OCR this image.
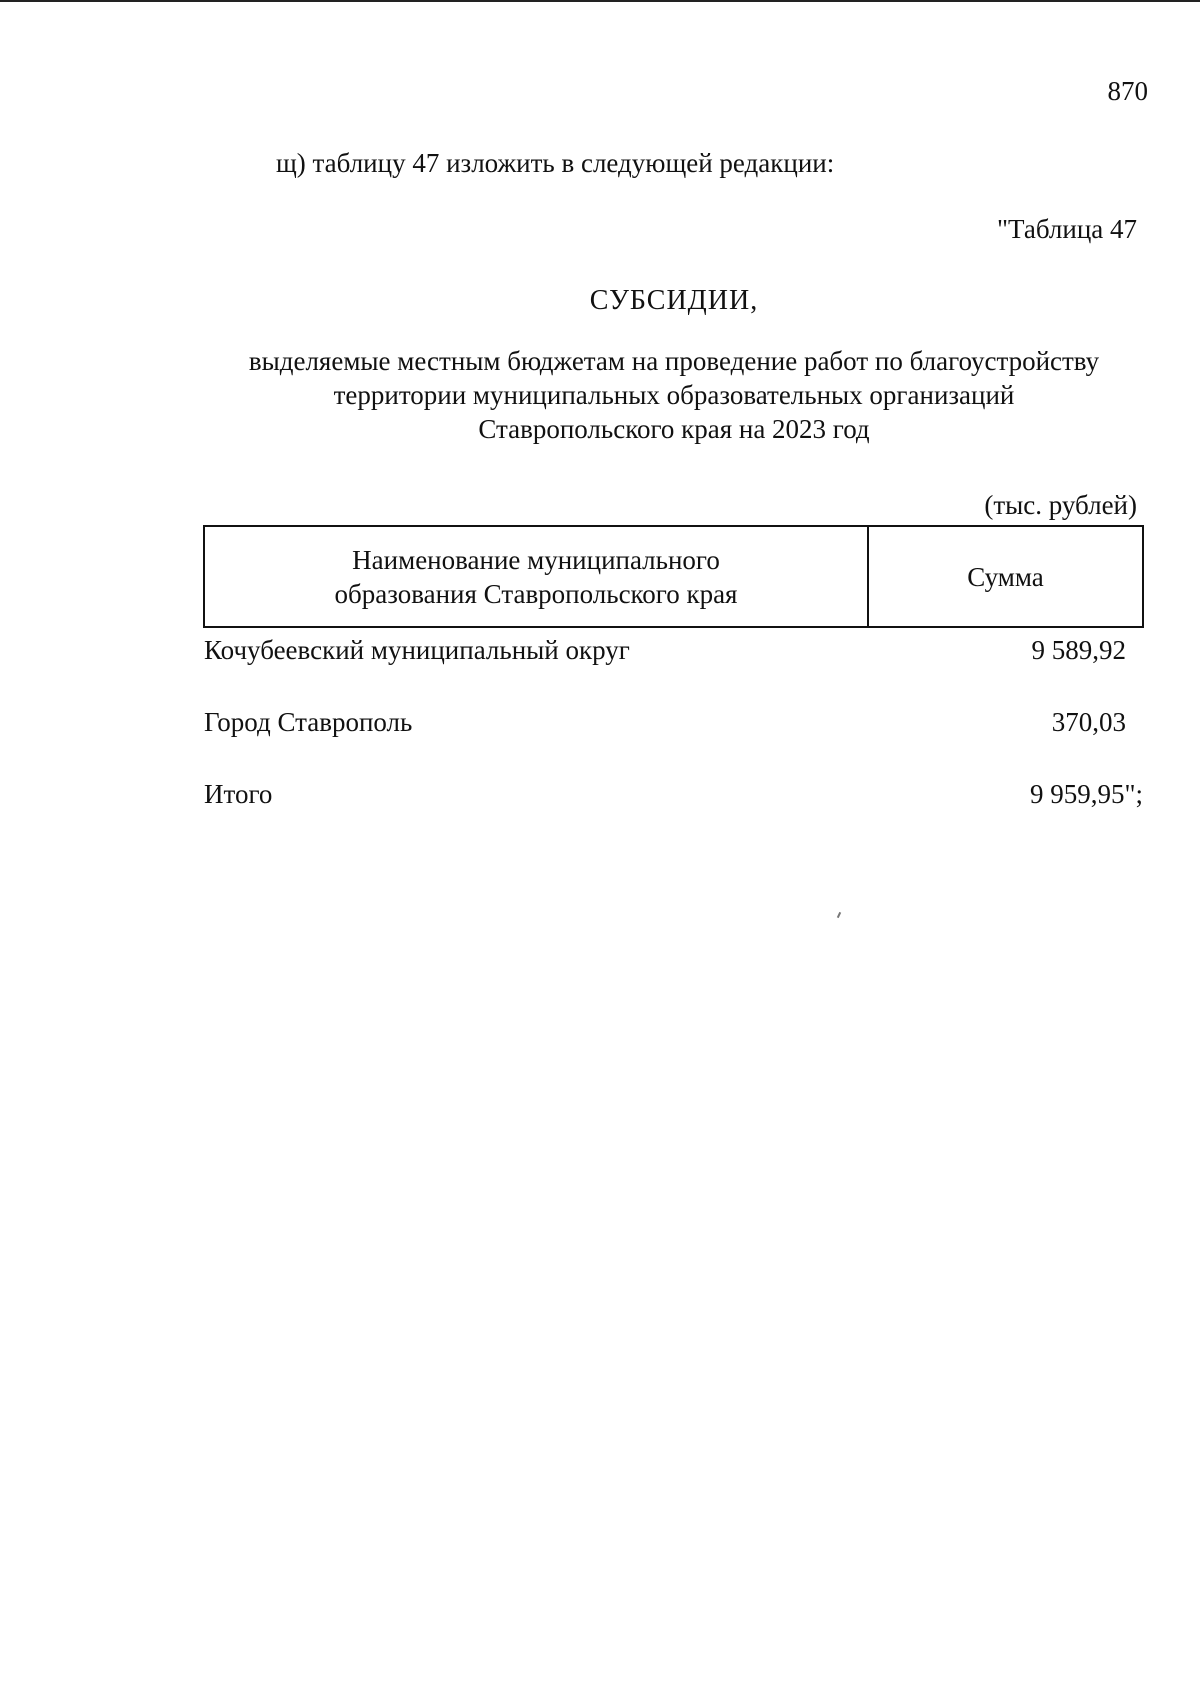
870
щ) таблицу 47 изложить в следующей редакции:
"Таблица 47
СУБСИДИИ,
выделяемые местным бюджетам на проведение работ по благоустройству
территории муниципальных образовательных организаций
Ставропольского края на 2023 год
(тыс. рублей)
Наименование муниципального
образования Ставропольского края	Сумма
Кочубеевский муниципальный округ	9 589,92
Город Ставрополь	370,03
Итого	9 959,95";
